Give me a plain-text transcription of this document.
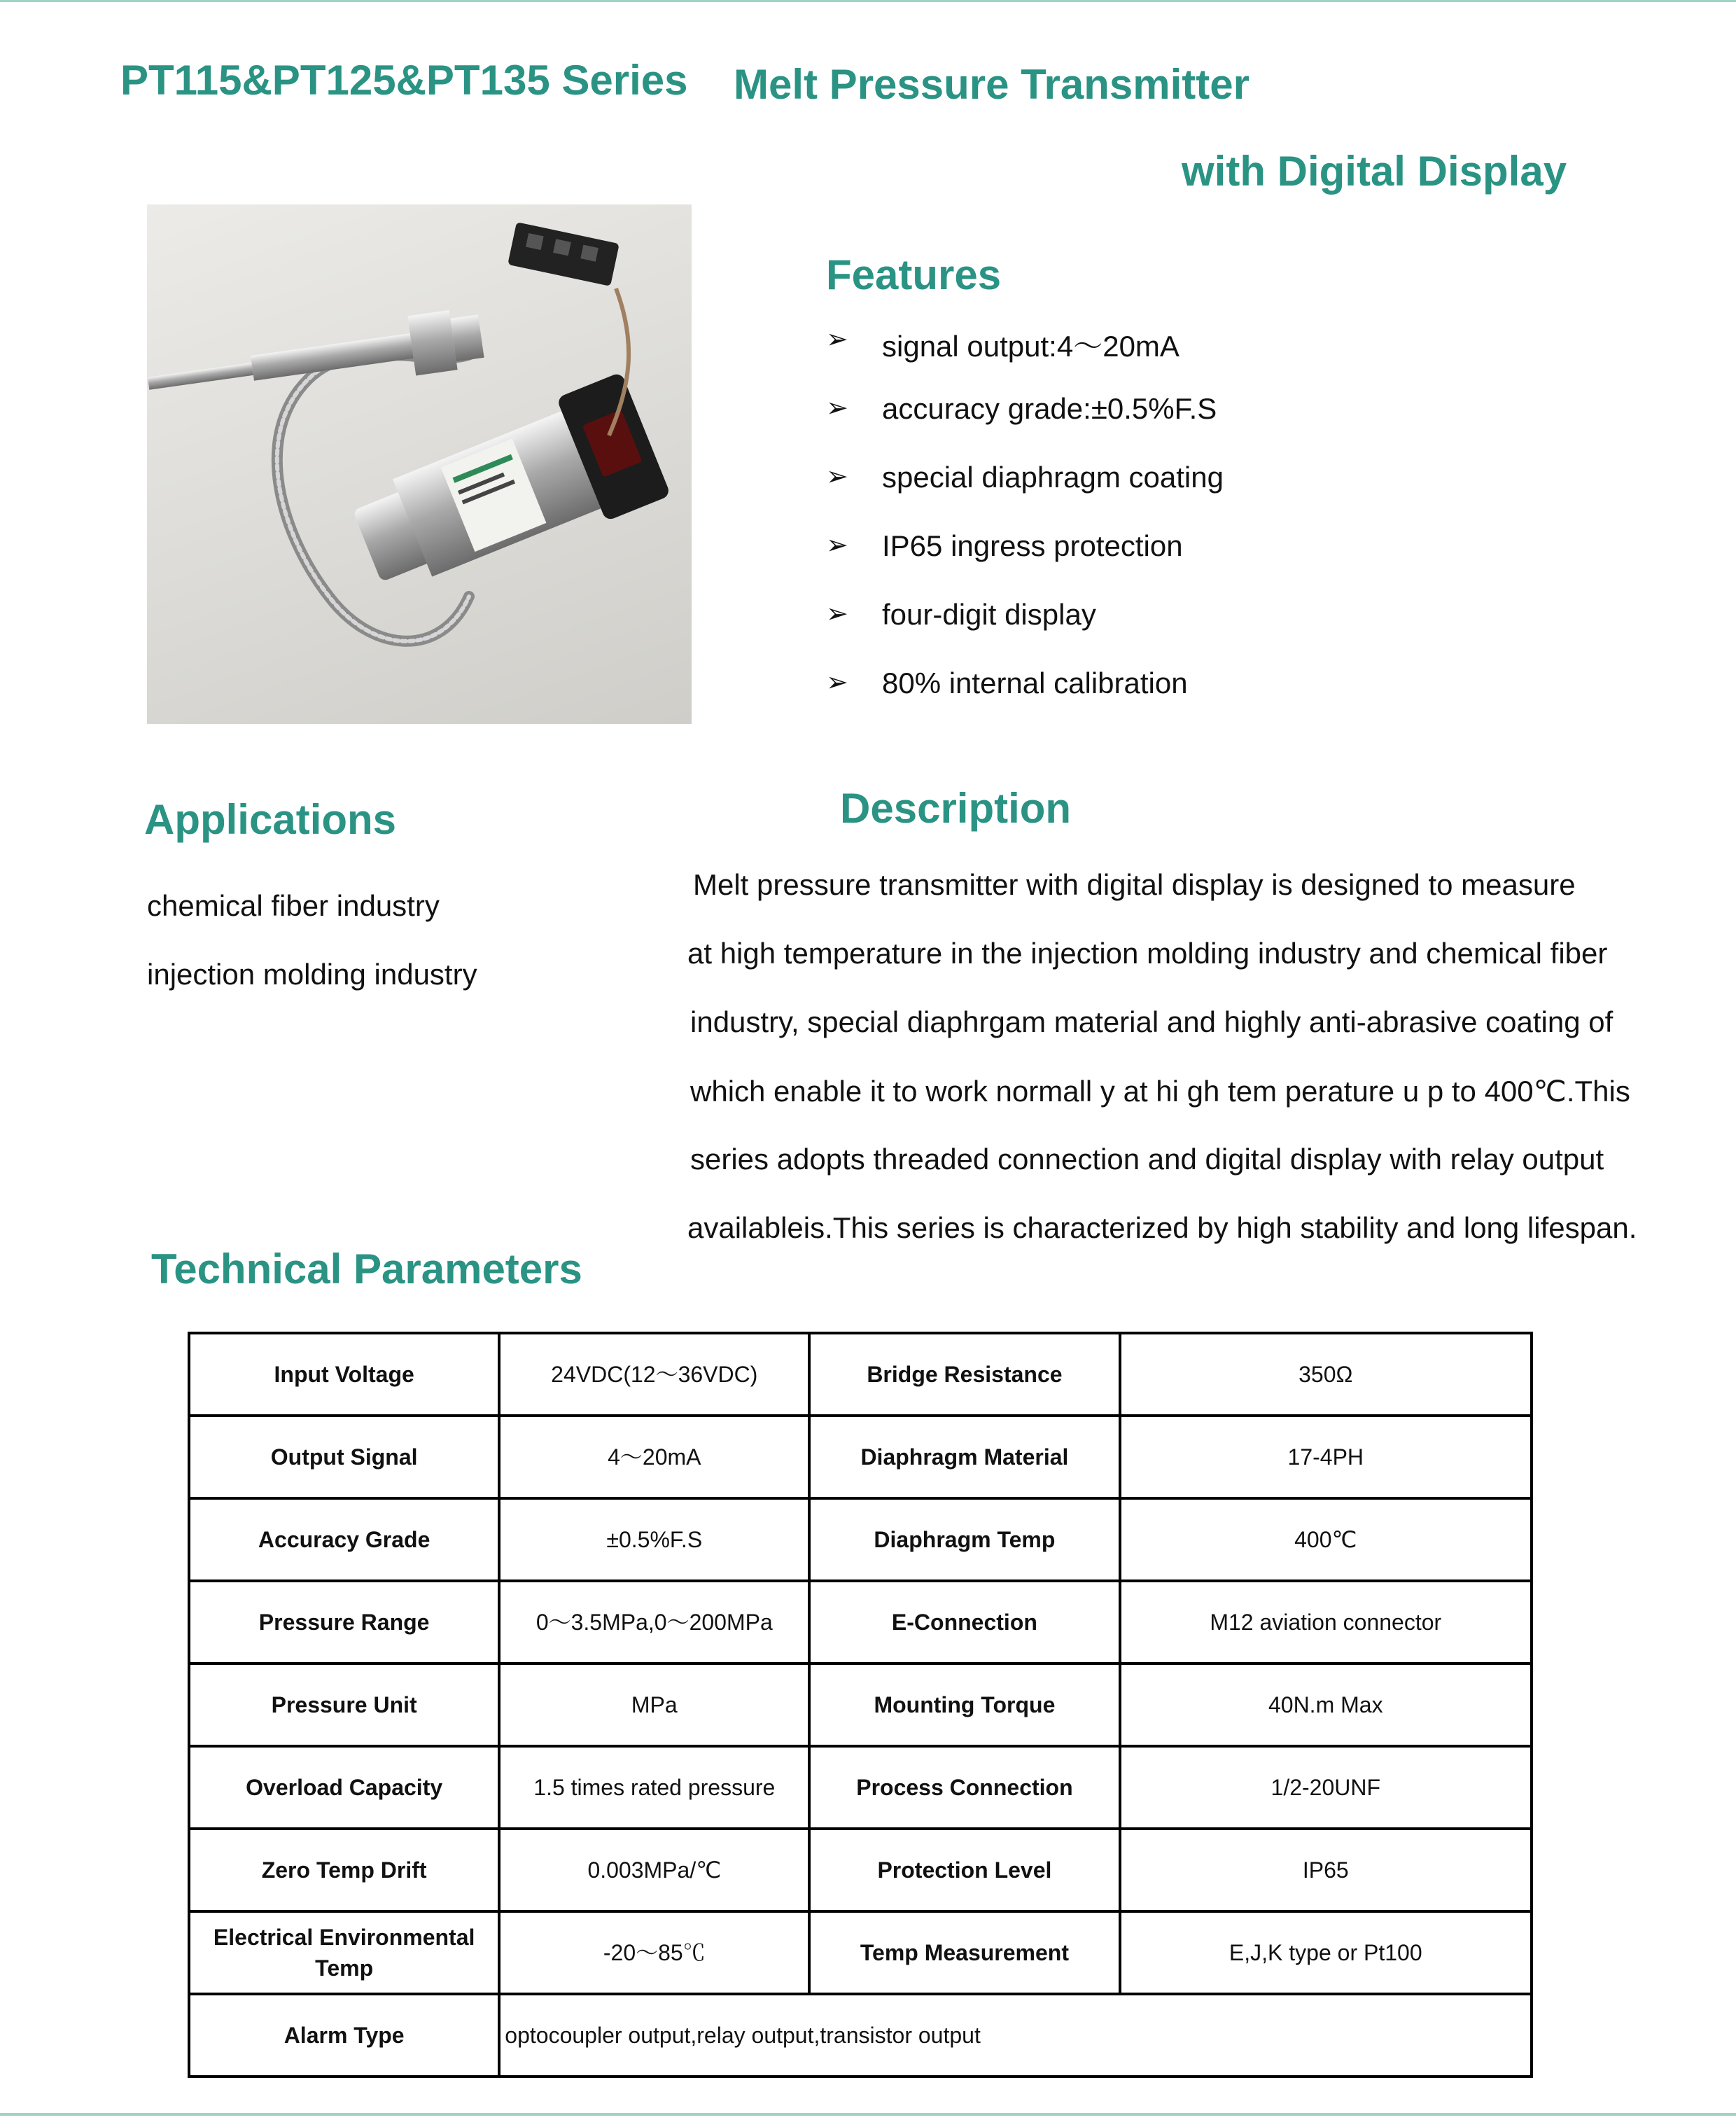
PT115&PT125&PT135 Series Melt Pressure Transmitter
with Digital Display
Features
➢	signal output:4～20mA
➢	accuracy grade:±0.5%F.S
➢	special diaphragm coating
➢	IP65 ingress protection
➢	four-digit display
➢	80% internal calibration
Applications
chemical fiber industry
injection molding industry
Description
Melt pressure transmitter with digital display is designed to measure
at high temperature in the injection molding industry and chemical fiber
industry, special diaphrgam material and highly anti-abrasive coating of
which enable it to work normall y at hi gh tem perature u p to 400℃.This
series adopts threaded connection and digital display with relay output
availableis.This series is characterized by high stability and long lifespan.
Technical Parameters
Input Voltage	24VDC(12～36VDC)	Bridge Resistance	350Ω
Output Signal	4～20mA	Diaphragm Material	17-4PH
Accuracy Grade	±0.5%F.S	Diaphragm Temp	400℃
Pressure Range	0～3.5MPa,0～200MPa	E-Connection	M12 aviation connector
Pressure Unit	MPa	Mounting Torque	40N.m Max
Overload Capacity	1.5 times rated pressure	Process Connection	1/2-20UNF
Zero Temp Drift	0.003MPa/℃	Protection Level	IP65
Electrical Environmental Temp	-20～85℃	Temp Measurement	E,J,K type or Pt100
Alarm Type	optocoupler output,relay output,transistor output		
